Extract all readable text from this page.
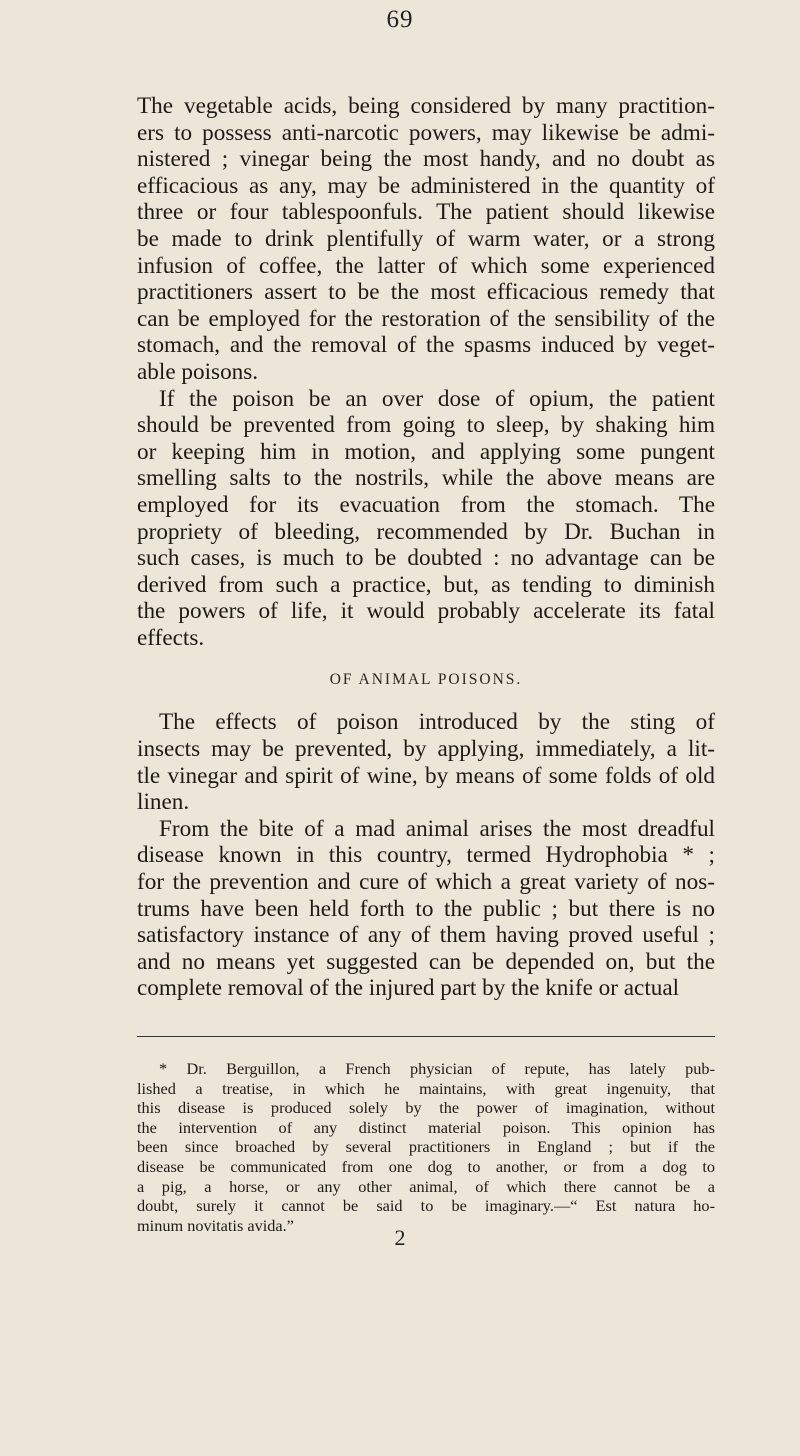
69
The vegetable acids, being considered by many practition-
ers to possess anti-narcotic powers, may likewise be admi-
nistered ; vinegar being the most handy, and no doubt as
efficacious as any, may be administered in the quantity of
three or four tablespoonfuls. The patient should likewise
be made to drink plentifully of warm water, or a strong
infusion of coffee, the latter of which some experienced
practitioners assert to be the most efficacious remedy that
can be employed for the restoration of the sensibility of the
stomach, and the removal of the spasms induced by veget-
able poisons.
If the poison be an over dose of opium, the patient
should be prevented from going to sleep, by shaking him
or keeping him in motion, and applying some pungent
smelling salts to the nostrils, while the above means are
employed for its evacuation from the stomach. The
propriety of bleeding, recommended by Dr. Buchan in
such cases, is much to be doubted : no advantage can be
derived from such a practice, but, as tending to diminish
the powers of life, it would probably accelerate its fatal
effects.
OF ANIMAL POISONS.
The effects of poison introduced by the sting of
insects may be prevented, by applying, immediately, a lit-
tle vinegar and spirit of wine, by means of some folds of old
linen.
From the bite of a mad animal arises the most dreadful
disease known in this country, termed Hydrophobia * ;
for the prevention and cure of which a great variety of nos-
trums have been held forth to the public ; but there is no
satisfactory instance of any of them having proved useful ;
and no means yet suggested can be depended on, but the
complete removal of the injured part by the knife or actual
* Dr. Berguillon, a French physician of repute, has lately pub-
lished a treatise, in which he maintains, with great ingenuity, that
this disease is produced solely by the power of imagination, without
the intervention of any distinct material poison. This opinion has
been since broached by several practitioners in England ; but if the
disease be communicated from one dog to another, or from a dog to
a pig, a horse, or any other animal, of which there cannot be a
doubt, surely it cannot be said to be imaginary.—“ Est natura ho-
minum novitatis avida.”	2
